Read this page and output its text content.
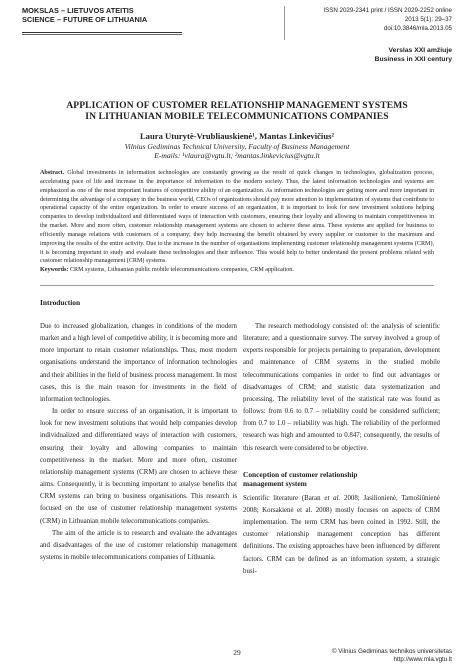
MOKSLAS – LIETUVOS ATEITIS
SCIENCE – FUTURE OF LITHUANIA
ISSN 2029-2341 print / ISSN 2029-2252 online
2013 5(1): 29–37
doi:10.3846/mla.2013.05
Verslas XXI amžiuje
Business in XXI century
APPLICATION OF CUSTOMER RELATIONSHIP MANAGEMENT SYSTEMS
IN LITHUANIAN MOBILE TELECOMMUNICATIONS COMPANIES
Laura Uturytė-Vrubliauskienė¹, Mantas Linkevičius²
Vilnius Gediminas Technical University, Faculty of Business Management
E-mails: ¹vlaura@vgtu.lt; ²mantas.linkevicius@vgtu.lt
Abstract. Global investments in information technologies are constantly growing as the result of quick changes in technologies, globalization process, accelerating pace of life and increase in the importance of information to the modern society. Thus, the latest information technologies and systems are emphasized as one of the most important features of competitive ability of an organization. As information technologies are getting more and more important in determining the advantage of a company in the business world, CEOs of organizations should pay more attention to implementation of systems that contribute to operational capacity of the entire organization. In order to ensure success of an organization, it is important to look for new investment solutions helping companies to develop individualized and differentiated ways of interaction with customers, ensuring their loyalty and allowing to maintain competitiveness in the market. More and more often, customer relationship management systems are chosen to achieve these aims. These systems are applied for business to efficiently manage relations with customers of a company; they help increasing the benefit obtained by every supplier or customer to the maximum and improving the results of the entire activity. Due to the increase in the number of organisations implementing customer relationship management systems (CRM), it is becoming important to study and evaluate these technologies and their influence. This would help to better understand the present problems related with customer relationship management (CRM) systems.
Keywords: CRM systems, Lithuanian public mobile telecommunications companies, CRM application.
Introduction

Due to increased globalization, changes in conditions of the modern market and a high level of competitive ability, it is becoming more and more important to retain customer relationships. Thus, most modern organisations understand the importance of information technologies and their abilities in the field of business process management. In most cases, this is the main reason for investments in the field of information technologies.

In order to ensure success of an organisation, it is important to look for new investment solutions that would help companies develop individualized and differentiated ways of interaction with customers, ensuring their loyalty and allowing companies to maintain competitiveness in the market. More and more often, customer relationship management systems (CRM) are chosen to achieve these aims. Consequently, it is becoming important to analyse benefits that CRM systems can bring to business organisations. This research is focused on the use of customer relationship management systems (CRM) in Lithuanian mobile telecommunications companies.

The aim of the article is to research and evaluate the advantages and disadvantages of the use of customer relationship management systems in mobile telecommunications companies of Lithuania.

The research methodology consisted of: the analysis of scientific literature; and a questionnaire survey. The survey involved a group of experts responsible for projects pertaining to preparation, development and maintenance of CRM systems in the studied mobile telecommunications companies in order to find out advantages or disadvantages of CRM; and statistic data systematization and processing. The reliability level of the statistical rate was found as follows: from 0.6 to 0.7 – reliability could be considered sufficient; from 0.7 to 1.0 – reliability was high. The reliability of the performed research was high and amounted to 0.847; consequently, the results of this research were considered to be objective.

Conception of customer relationship
management system

Scientific literature (Baran et al. 2008; Jasilionienė, Tamošiūnienė 2008; Korsakienė et al. 2008) mostly focuses on aspects of CRM implementation. The term CRM has been coined in 1992. Still, the customer relationship management conception has different definitions. The existing approaches have been influenced by different factors. CRM can be defined as an information system, a strategic busi-

29	© Vilnius Gediminas technikos universitetas
http://www.mla.vgtu.lt
